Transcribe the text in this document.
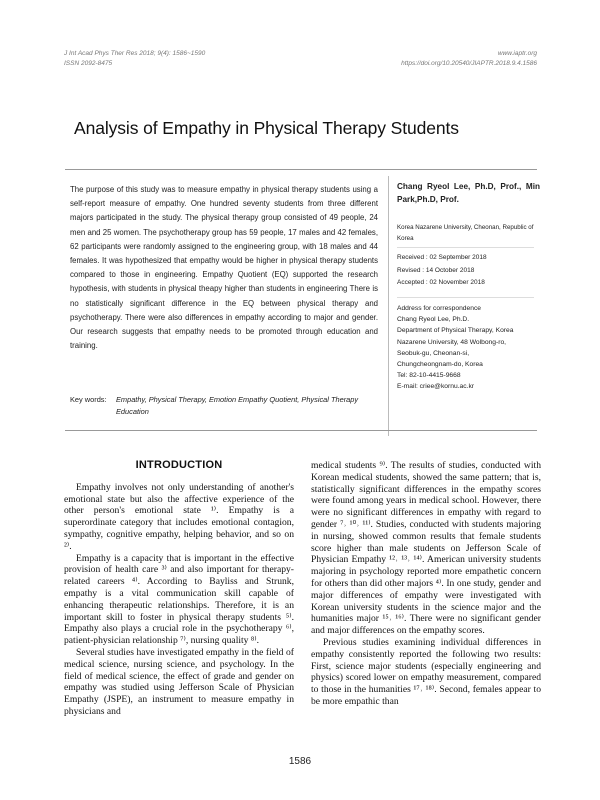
J Int Acad Phys Ther Res 2018; 9(4): 1586~1590
ISSN 2092-8475
www.iaptr.org
https://doi.org/10.20540/JIAPTR.2018.9.4.1586
Analysis of Empathy in Physical Therapy Students

The purpose of this study was to measure empathy in physical therapy students using a self-report measure of empathy. One hundred seventy students from three different majors participated in the study. The physical therapy group consisted of 49 people, 24 men and 25 women. The psychotherapy group has 59 people, 17 males and 42 females, 62 participants were randomly assigned to the engineering group, with 18 males and 44 females. It was hypothesized that empathy would be higher in physical therapy students compared to those in engineering. Empathy Quotient (EQ) supported the research hypothesis, with students in physical theapy higher than students in engineering There is no statistically significant difference in the EQ between physical therapy and psychotherapy. There were also differences in empathy according to major and gender. Our research suggests that empathy needs to be promoted through education and training.

Key words:	Empathy, Physical Therapy, Emotion Empathy Quotient, Physical Therapy Education
Chang Ryeol Lee, Ph.D, Prof., Min Park,Ph.D, Prof.
Korea Nazarene University, Cheonan, Republic of Korea
Received : 02 September 2018
Revised : 14 October 2018
Accepted : 02 November 2018
Address for correspondence
Chang Ryeol Lee, Ph.D.
Department of Physical Therapy, Korea
Nazarene University, 48 Wolbong-ro,
Seobuk-gu, Cheonan-si,
Chungcheongnam-do, Korea
Tel: 82-10-4415-9668
E-mail: criee@kornu.ac.kr
INTRODUCTION

Empathy involves not only understanding of another's emotional state but also the affective experience of the other person's emotional state ¹⁾. Empathy is a superordinate category that includes emotional contagion, sympathy, cognitive empathy, helping behavior, and so on ²⁾.

Empathy is a capacity that is important in the effective provision of health care ³⁾ and also important for therapy-related careers ⁴⁾. According to Bayliss and Strunk, empathy is a vital communication skill capable of enhancing therapeutic relationships. Therefore, it is an important skill to foster in physical therapy students ⁵⁾. Empathy also plays a crucial role in the psychotherapy ⁶⁾, patient-physician relationship ⁷⁾, nursing quality ⁸⁾.

Several studies have investigated empathy in the field of medical science, nursing science, and psychology. In the field of medical science, the effect of grade and gender on empathy was studied using Jefferson Scale of Physician Empathy (JSPE), an instrument to measure empathy in physicians and

medical students ⁹⁾. The results of studies, conducted with Korean medical students, showed the same pattern; that is, statistically significant differences in the empathy scores were found among years in medical school. However, there were no significant differences in empathy with regard to gender ⁷˒ ¹⁰˒ ¹¹⁾. Studies, conducted with students majoring in nursing, showed common results that female students score higher than male students on Jefferson Scale of Physician Empathy ¹²˒ ¹³˒ ¹⁴⁾. American university students majoring in psychology reported more empathetic concern for others than did other majors ⁴⁾. In one study, gender and major differences of empathy were investigated with Korean university students in the science major and the humanities major ¹⁵˒ ¹⁶⁾. There were no significant gender and major differences on the empathy scores.

Previous studies examining individual differences in empathy consistently reported the following two results: First, science major students (especially engineering and physics) scored lower on empathy measurement, compared to those in the humanities ¹⁷˒ ¹⁸⁾. Second, females appear to be more empathic than

1586
